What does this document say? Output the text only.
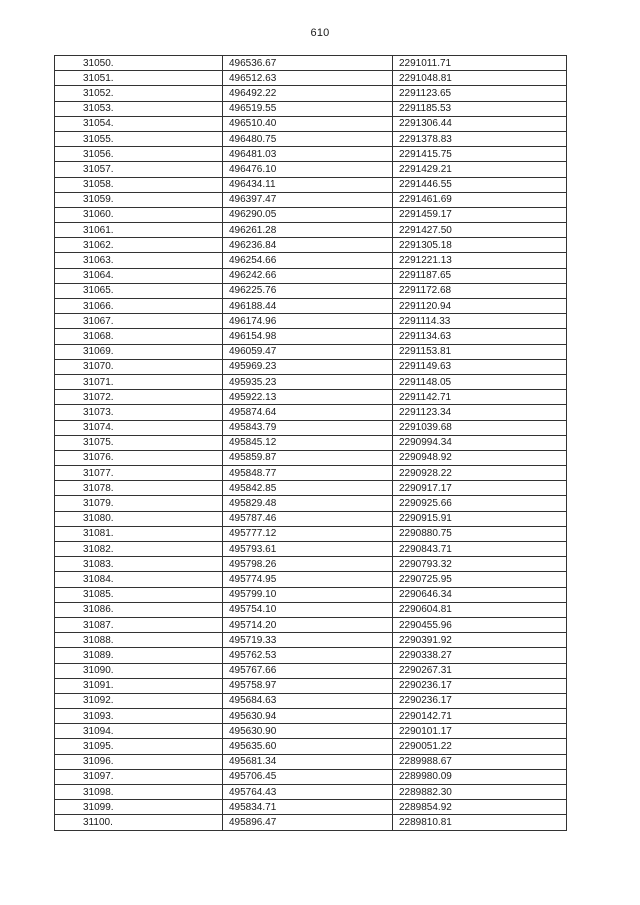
610
31050.	496536.67	2291011.71
31051.	496512.63	2291048.81
31052.	496492.22	2291123.65
31053.	496519.55	2291185.53
31054.	496510.40	2291306.44
31055.	496480.75	2291378.83
31056.	496481.03	2291415.75
31057.	496476.10	2291429.21
31058.	496434.11	2291446.55
31059.	496397.47	2291461.69
31060.	496290.05	2291459.17
31061.	496261.28	2291427.50
31062.	496236.84	2291305.18
31063.	496254.66	2291221.13
31064.	496242.66	2291187.65
31065.	496225.76	2291172.68
31066.	496188.44	2291120.94
31067.	496174.96	2291114.33
31068.	496154.98	2291134.63
31069.	496059.47	2291153.81
31070.	495969.23	2291149.63
31071.	495935.23	2291148.05
31072.	495922.13	2291142.71
31073.	495874.64	2291123.34
31074.	495843.79	2291039.68
31075.	495845.12	2290994.34
31076.	495859.87	2290948.92
31077.	495848.77	2290928.22
31078.	495842.85	2290917.17
31079.	495829.48	2290925.66
31080.	495787.46	2290915.91
31081.	495777.12	2290880.75
31082.	495793.61	2290843.71
31083.	495798.26	2290793.32
31084.	495774.95	2290725.95
31085.	495799.10	2290646.34
31086.	495754.10	2290604.81
31087.	495714.20	2290455.96
31088.	495719.33	2290391.92
31089.	495762.53	2290338.27
31090.	495767.66	2290267.31
31091.	495758.97	2290236.17
31092.	495684.63	2290236.17
31093.	495630.94	2290142.71
31094.	495630.90	2290101.17
31095.	495635.60	2290051.22
31096.	495681.34	2289988.67
31097.	495706.45	2289980.09
31098.	495764.43	2289882.30
31099.	495834.71	2289854.92
31100.	495896.47	2289810.81
